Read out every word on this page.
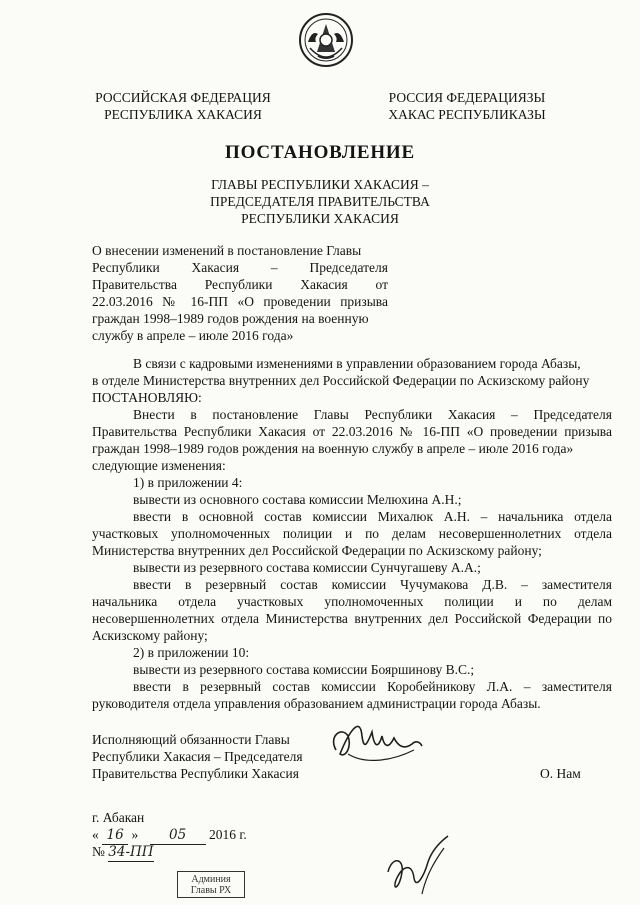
РОССИЙСКАЯ ФЕДЕРАЦИЯ
РЕСПУБЛИКА ХАКАСИЯ
РОССИЯ ФЕДЕРАЦИЯЗЫ
ХАКАС РЕСПУБЛИКАЗЫ
ПОСТАНОВЛЕНИЕ
ГЛАВЫ РЕСПУБЛИКИ ХАКАСИЯ –
ПРЕДСЕДАТЕЛЯ ПРАВИТЕЛЬСТВА
РЕСПУБЛИКИ ХАКАСИЯ
О внесении изменений в постановление Главы
Республики Хакасия – Председателя
Правительства Республики Хакасия от
22.03.2016 № 16-ПП «О проведении призыва
граждан 1998–1989 годов рождения на военную
службу в апреле – июле 2016 года»
В связи с кадровыми изменениями в управлении образованием города Абазы,
в отделе Министерства внутренних дел Российской Федерации по Аскизскому району
ПОСТАНОВЛЯЮ:
Внести в постановление Главы Республики Хакасия – Председателя
Правительства Республики Хакасия от 22.03.2016 № 16-ПП «О проведении призыва
граждан 1998–1989 годов рождения на военную службу в апреле – июле 2016 года»
следующие изменения:
1) в приложении 4:
вывести из основного состава комиссии Мелюхина А.Н.;
ввести в основной состав комиссии Михалюк А.Н. – начальника отдела
участковых уполномоченных полиции и по делам несовершеннолетних отдела
Министерства внутренних дел Российской Федерации по Аскизскому району;
вывести из резервного состава комиссии Сунчугашеву А.А.;
ввести в резервный состав комиссии Чучумакова Д.В. – заместителя
начальника отдела участковых уполномоченных полиции и по делам
несовершеннолетних отдела Министерства внутренних дел Российской Федерации по
Аскизскому району;
2) в приложении 10:
вывести из резервного состава комиссии Бояршинову В.С.;
ввести в резервный состав комиссии Коробейникову Л.А. – заместителя
руководителя отдела управления образованием администрации города Абазы.
Исполняющий обязанности Главы
Республики Хакасия – Председателя
Правительства Республики Хакасия	О. Нам
г. Абакан
« 16 » 05 2016 г.
№ 34-ПП
Админия
Главы РХ
